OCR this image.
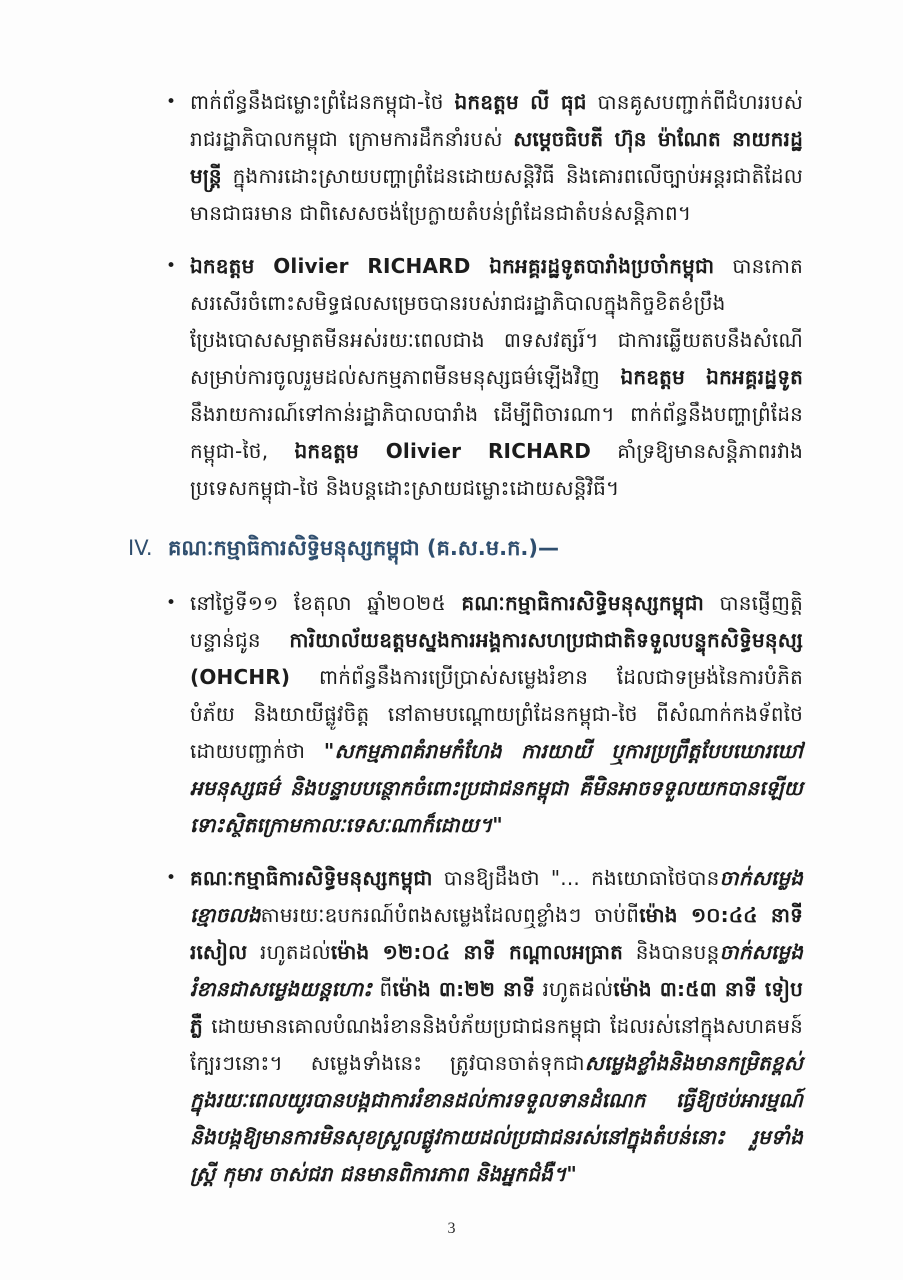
• ពាក់ព័ន្ធនឹងជម្លោះព្រំដែនកម្ពុជា-ថៃ ឯកឧត្តម លី ធុជ បានគូសបញ្ជាក់ពីជំហររបស់រាជរដ្ឋាភិបាលកម្ពុជា ក្រោមការដឹកនាំរបស់ សម្ដេចធិបតី ហ៊ុន ម៉ាណែត នាយករដ្ឋមន្ត្រី ក្នុងការដោះស្រាយបញ្ហាព្រំដែនដោយសន្តិវិធី និងគោរពលើច្បាប់អន្តរជាតិដែលមានជាធរមាន ជាពិសេសចង់ប្រែក្លាយតំបន់ព្រំដែនជាតំបន់សន្តិភាព។
• ឯកឧត្តម Olivier RICHARD ឯកអគ្គរដ្ឋទូតបារាំងប្រចាំកម្ពុជា បានកោតសរសើរចំពោះសមិទ្ធផលសម្រេចបានរបស់រាជរដ្ឋាភិបាលក្នុងកិច្ចខិតខំប្រឹងប្រែងបោសសម្អាតមីនអស់រយៈពេលជាង ៣ទសវត្សរ៍។ ជាការឆ្លើយតបនឹងសំណើសម្រាប់ការចូលរួមដល់សកម្មភាពមីនមនុស្សធម៌ឡើងវិញ ឯកឧត្តម ឯកអគ្គរដ្ឋទូត នឹងរាយការណ៍ទៅកាន់រដ្ឋាភិបាលបារាំង ដើម្បីពិចារណា។ ពាក់ព័ន្ធនឹងបញ្ហាព្រំដែនកម្ពុជា-ថៃ, ឯកឧត្តម Olivier RICHARD គាំទ្រឱ្យមានសន្តិភាពរវាងប្រទេសកម្ពុជា-ថៃ និងបន្តដោះស្រាយជម្លោះដោយសន្តិវិធី។
IV. គណៈកម្មាធិការសិទ្ធិមនុស្សកម្ពុជា (គ.ស.ម.ក.)—
• នៅថ្ងៃទី១១ ខែតុលា ឆ្នាំ២០២៥ គណៈកម្មាធិការសិទ្ធិមនុស្សកម្ពុជា បានផ្ញើញត្តិបន្ទាន់ជូន ការិយាល័យឧត្តមស្នងការអង្គការសហប្រជាជាតិទទួលបន្ទុកសិទ្ធិមនុស្ស (OHCHR) ពាក់ព័ន្ធនឹងការប្រើប្រាស់សម្លេងរំខាន ដែលជាទម្រង់នៃការបំភិតបំភ័យ និងយាយីផ្លូវចិត្ត នៅតាមបណ្ដោយព្រំដែនកម្ពុជា-ថៃ ពីសំណាក់កងទ័ពថៃ ដោយបញ្ជាក់ថា "សកម្មភាពគំរាមកំហែង ការយាយី ឬការប្រព្រឹត្តបែបឃោរឃៅ អមនុស្សធម៌ និងបន្ទាបបន្ថោកចំពោះប្រជាជនកម្ពុជា គឺមិនអាចទទួលយកបានឡើយ ទោះស្ថិតក្រោមកាលៈទេសៈណាក៏ដោយ។"
• គណៈកម្មាធិការសិទ្ធិមនុស្សកម្ពុជា បានឱ្យដឹងថា "... កងយោធាថៃបានចាក់សម្លេងខ្មោចលងតាមរយៈឧបករណ៍បំពងសម្លេងដែលឮខ្លាំងៗ ចាប់ពីម៉ោង ១០:៤៤ នាទីរសៀល រហូតដល់ម៉ោង ១២:០៤ នាទី កណ្ដាលអធ្រាត និងបានបន្តចាក់សម្លេងរំខានជាសម្លេងយន្តហោះ ពីម៉ោង ៣:២២ នាទី រហូតដល់ម៉ោង ៣:៥៣ នាទី ទៀបភ្លឺ ដោយមានគោលបំណងរំខាននិងបំភ័យប្រជាជនកម្ពុជា ដែលរស់នៅក្នុងសហគមន៍ក្បែរៗនោះ។ សម្លេងទាំងនេះ ត្រូវបានចាត់ទុកជាសម្លេងខ្លាំងនិងមានកម្រិតខ្ពស់ ក្នុងរយៈពេលយូរបានបង្កជាការរំខានដល់ការទទួលទានដំណេក ធ្វើឱ្យថប់អារម្មណ៍ និងបង្កឱ្យមានការមិនសុខស្រួលផ្លូវកាយដល់ប្រជាជនរស់នៅក្នុងតំបន់នោះ រួមទាំងស្ត្រី កុមារ ចាស់ជរា ជនមានពិការភាព និងអ្នកជំងឺ។"
3
